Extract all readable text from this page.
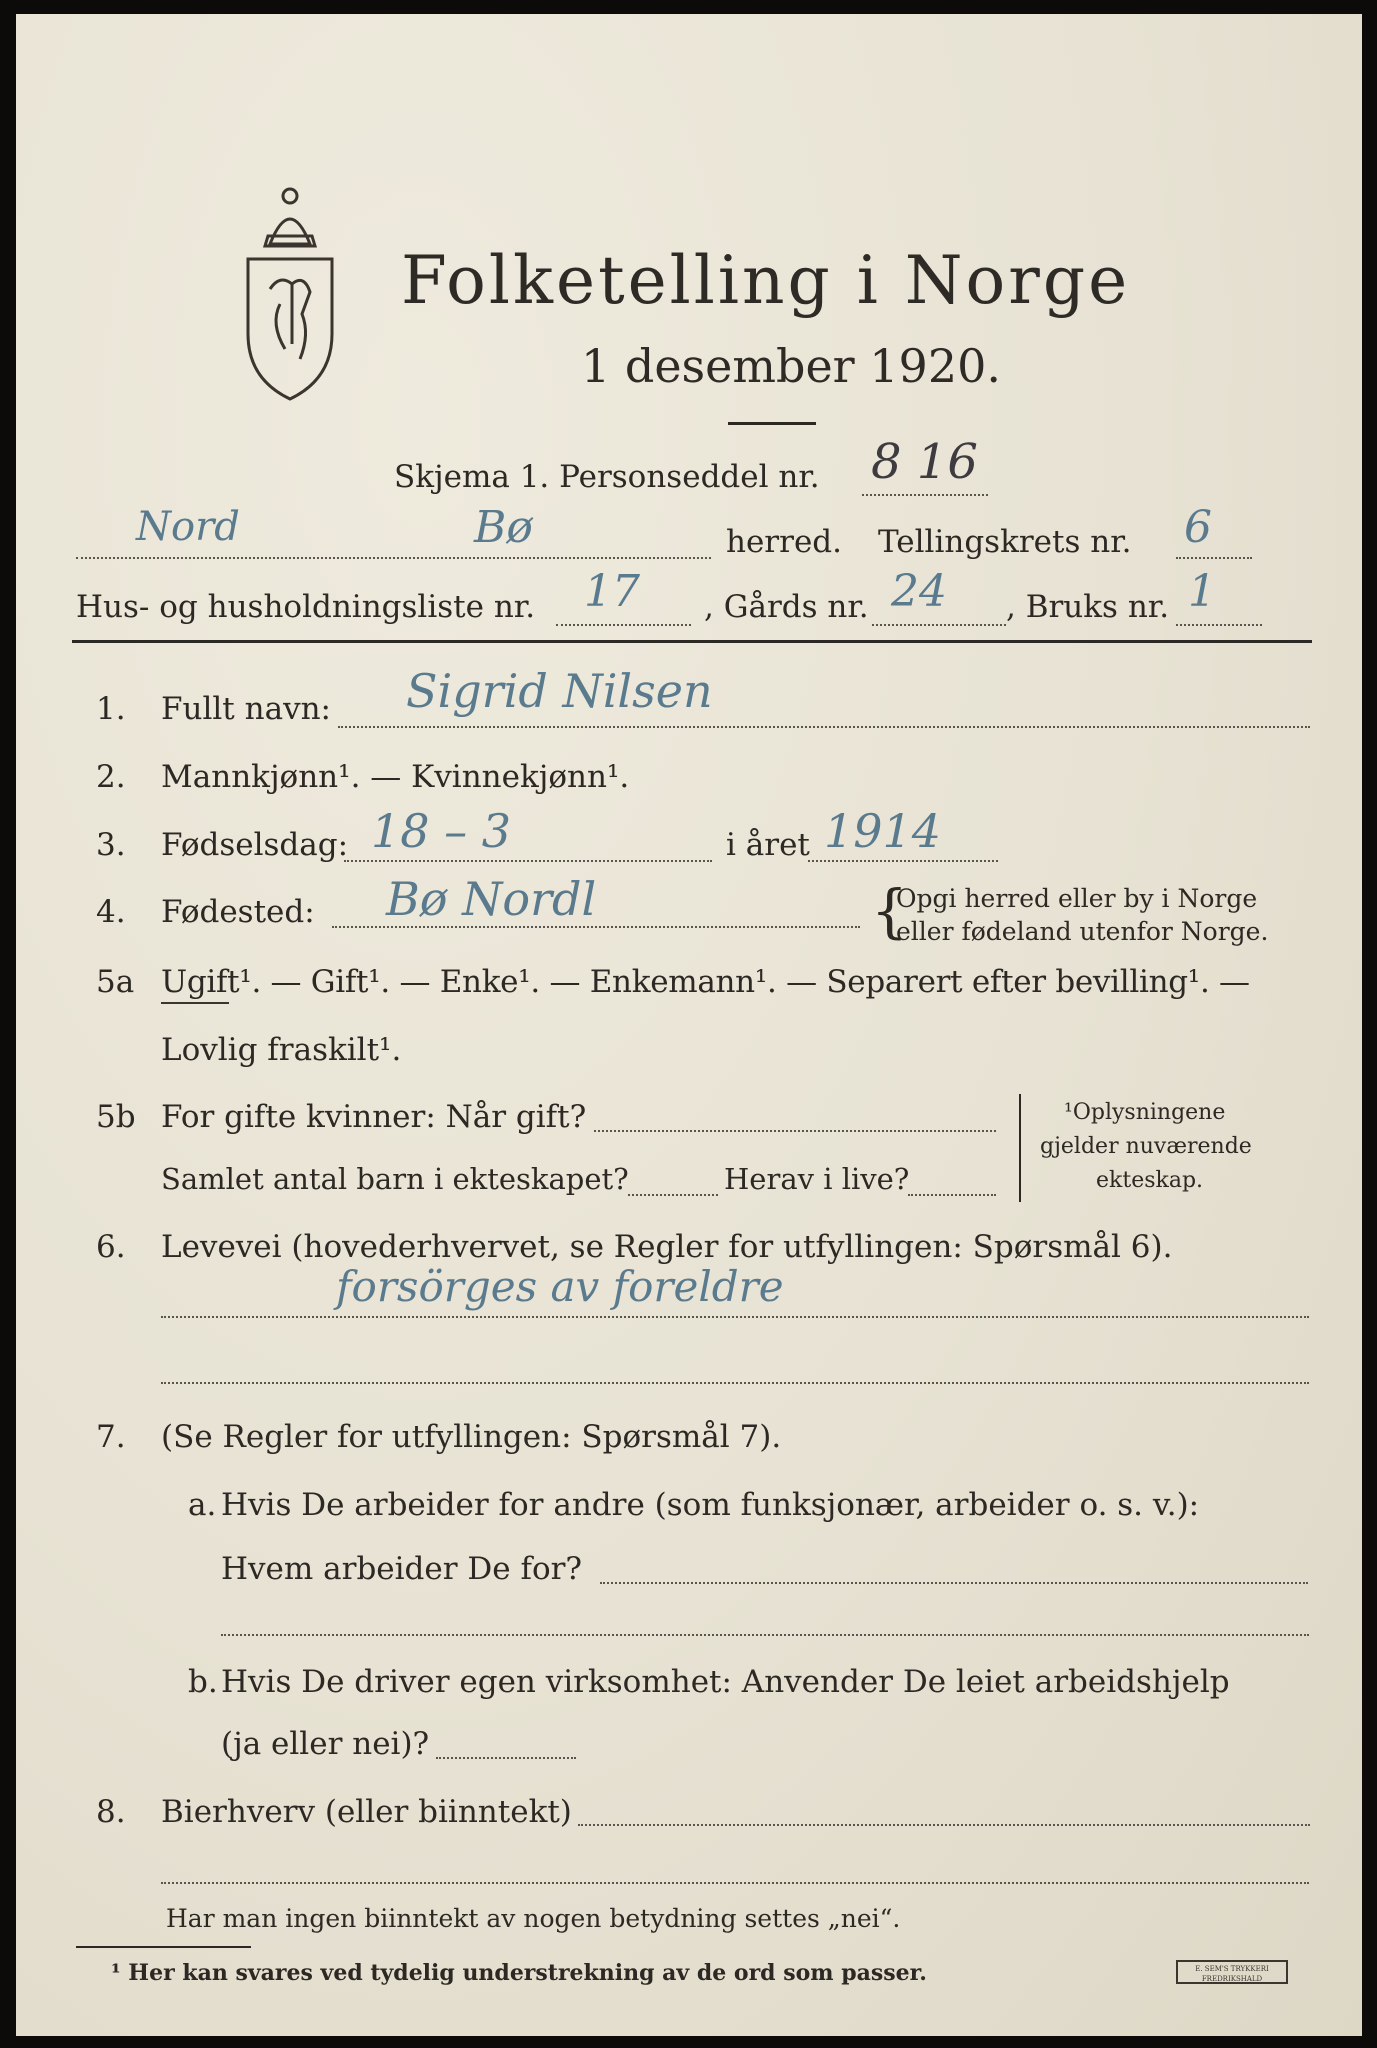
Folketelling i Norge
1 desember 1920.
Skjema 1. Personseddel nr. 8 16
Nord	Bø	herred. Tellingskrets nr. 6
Hus- og husholdningsliste nr. 17 , Gårds nr. 24 , Bruks nr. 1
1. Fullt navn: Sigrid Nilsen
2. Mannkjønn¹. — Kvinnekjønn¹.
3. Fødselsdag: 18 – 3	i året 1914
4. Fødested: Bø Nordl	{
Opgi herred eller by i Norge
eller fødeland utenfor Norge.
5a Ugift¹. — Gift¹. — Enke¹. — Enkemann¹. — Separert efter bevilling¹. —
Lovlig fraskilt¹.
5b For gifte kvinner: Når gift?
Samlet antal barn i ekteskapet?	Herav i live?
¹Oplysningene
gjelder nuværende
ekteskap.
6. Levevei (hovederhvervet, se Regler for utfyllingen: Spørsmål 6).
forsörges av foreldre
7. (Se Regler for utfyllingen: Spørsmål 7).
a. Hvis De arbeider for andre (som funksjonær, arbeider o. s. v.):
Hvem arbeider De for?
b. Hvis De driver egen virksomhet: Anvender De leiet arbeidshjelp
(ja eller nei)?
8. Bierhverv (eller biinntekt)
Har man ingen biinntekt av nogen betydning settes „nei“.
¹ Her kan svares ved tydelig understrekning av de ord som passer.	E. SEM'S TRYKKERI FREDRIKSHALD
